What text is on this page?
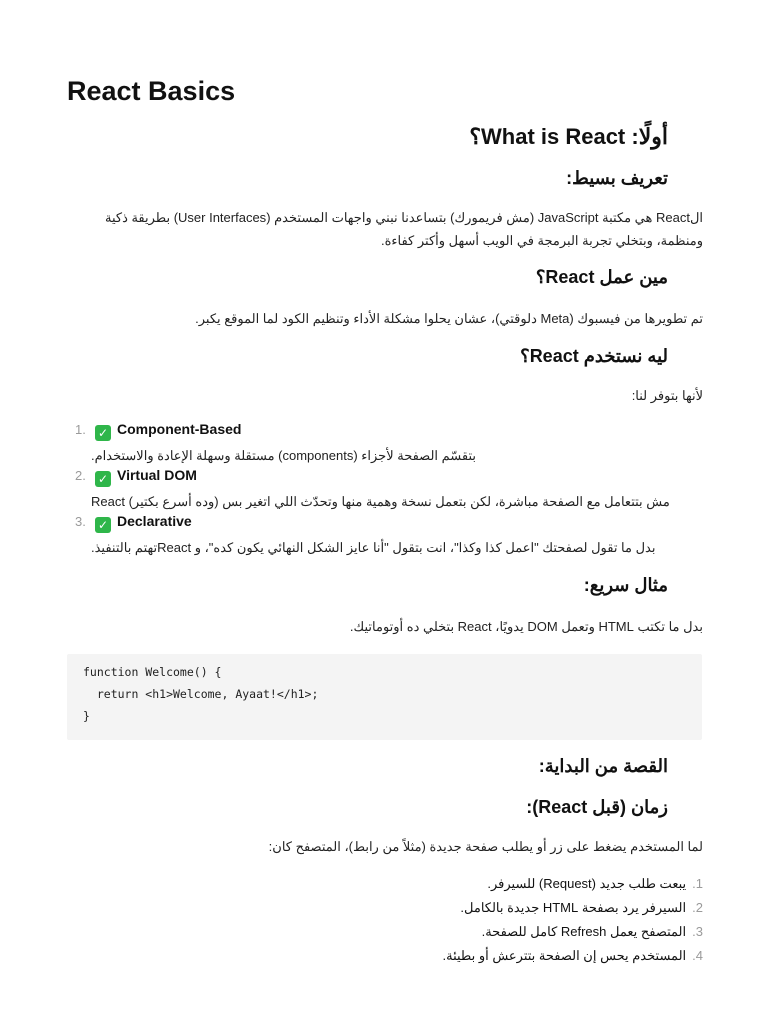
React Basics
أولًا: What is React؟
تعريف بسيط:
الReact هي مكتبة JavaScript (مش فريمورك) بتساعدنا نبني واجهات المستخدم (User Interfaces) بطريقة ذكية
ومنظمة، وبتخلي تجربة البرمجة في الويب أسهل وأكتر كفاءة.
مين عمل React؟
تم تطويرها من فيسبوك (Meta دلوقتي)، عشان يحلوا مشكلة الأداء وتنظيم الكود لما الموقع يكبر.
ليه نستخدم React؟
لأنها بتوفر لنا:
1. ✓ Component-Based
بتقسّم الصفحة لأجزاء (components) مستقلة وسهلة الإعادة والاستخدام.
2. ✓ Virtual DOM
مش بتتعامل مع الصفحة مباشرة، لكن بتعمل نسخة وهمية منها وتحدّث اللي اتغير بس (وده أسرع بكتير) React
3. ✓ Declarative
بدل ما تقول لصفحتك "اعمل كذا وكذا"، انت بتقول "أنا عايز الشكل النهائي يكون كده"، و Reactتهتم بالتنفيذ.
مثال سريع:
بدل ما تكتب HTML وتعمل DOM يدويًا، React بتخلي ده أوتوماتيك.
function Welcome() {
return <h1>Welcome, Ayaat!</h1>;
}
القصة من البداية:
زمان (قبل React):
لما المستخدم يضغط على زر أو يطلب صفحة جديدة (مثلاً من رابط)، المتصفح كان:
1.يبعت طلب جديد (Request) للسيرفر.
2.السيرفر يرد بصفحة HTML جديدة بالكامل.
3.المتصفح يعمل Refresh كامل للصفحة.
4.المستخدم يحس إن الصفحة بتترعش أو بطيئة.
